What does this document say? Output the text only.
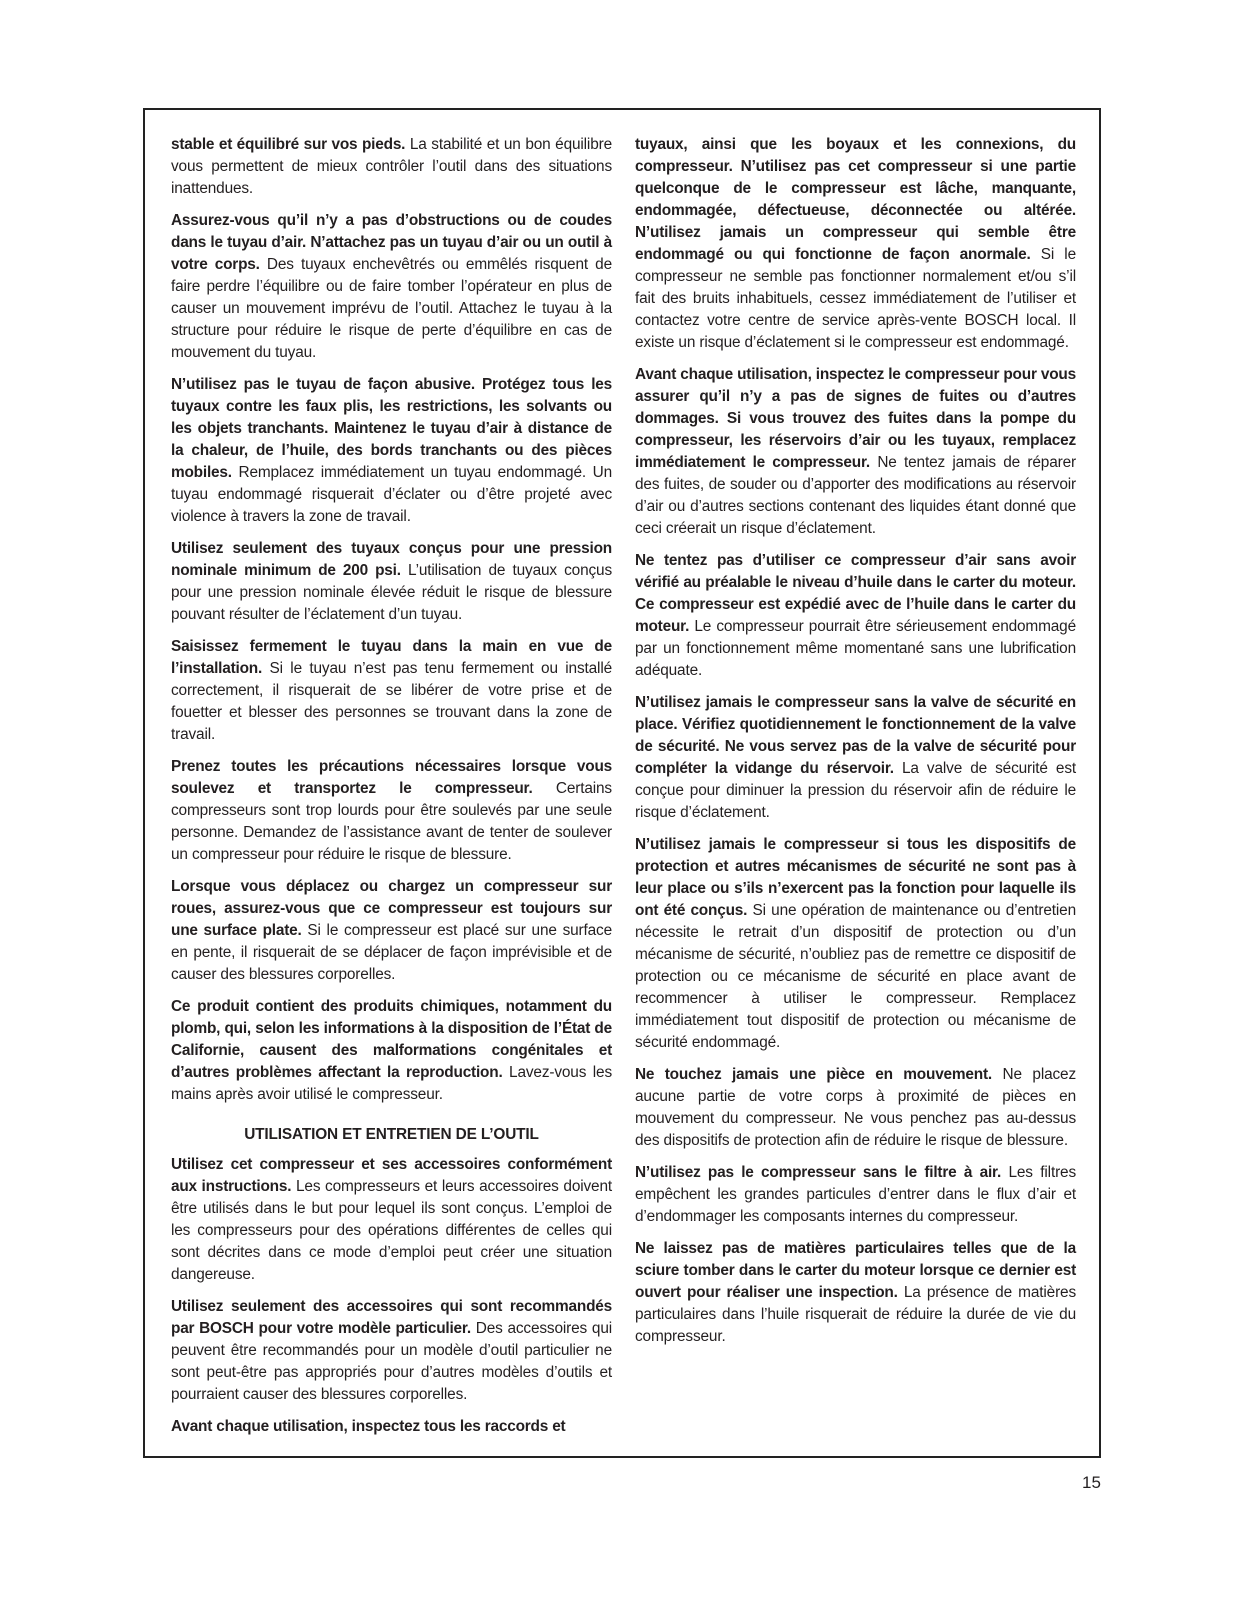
stable et équilibré sur vos pieds. La stabilité et un bon équilibre vous permettent de mieux contrôler l’outil dans des situations inattendues.

Assurez-vous qu’il n’y a pas d’obstructions ou de coudes dans le tuyau d’air. N’attachez pas un tuyau d’air ou un outil à votre corps. Des tuyaux enchevêtrés ou emmêlés risquent de faire perdre l’équilibre ou de faire tomber l’opérateur en plus de causer un mouvement imprévu de l’outil. Attachez le tuyau à la structure pour réduire le risque de perte d’équilibre en cas de mouvement du tuyau.

N’utilisez pas le tuyau de façon abusive. Protégez tous les tuyaux contre les faux plis, les restrictions, les solvants ou les objets tranchants. Maintenez le tuyau d’air à distance de la chaleur, de l’huile, des bords tranchants ou des pièces mobiles. Remplacez immédiatement un tuyau endommagé. Un tuyau endommagé risquerait d’éclater ou d’être projeté avec violence à travers la zone de travail.

Utilisez seulement des tuyaux conçus pour une pression nominale minimum de 200 psi. L’utilisation de tuyaux conçus pour une pression nominale élevée réduit le risque de blessure pouvant résulter de l’éclatement d’un tuyau.

Saisissez fermement le tuyau dans la main en vue de l’installation. Si le tuyau n’est pas tenu fermement ou installé correctement, il risquerait de se libérer de votre prise et de fouetter et blesser des personnes se trouvant dans la zone de travail.

Prenez toutes les précautions nécessaires lorsque vous soulevez et transportez le compresseur. Certains compresseurs sont trop lourds pour être soulevés par une seule personne. Demandez de l’assistance avant de tenter de soulever un compresseur pour réduire le risque de blessure.

Lorsque vous déplacez ou chargez un compresseur sur roues, assurez-vous que ce compresseur est toujours sur une surface plate. Si le compresseur est placé sur une surface en pente, il risquerait de se déplacer de façon imprévisible et de causer des blessures corporelles.

Ce produit contient des produits chimiques, notamment du plomb, qui, selon les informations à la disposition de l’État de Californie, causent des malformations congénitales et d’autres problèmes affectant la reproduction. Lavez-vous les mains après avoir utilisé le compresseur.

UTILISATION ET ENTRETIEN DE L’OUTIL

Utilisez cet compresseur et ses accessoires conformément aux instructions. Les compresseurs et leurs accessoires doivent être utilisés dans le but pour lequel ils sont conçus. L’emploi de les compresseurs pour des opérations différentes de celles qui sont décrites dans ce mode d’emploi peut créer une situation dangereuse.

Utilisez seulement des accessoires qui sont recommandés par BOSCH pour votre modèle particulier. Des accessoires qui peuvent être recommandés pour un modèle d’outil particulier ne sont peut-être pas appropriés pour d’autres modèles d’outils et pourraient causer des blessures corporelles.

Avant chaque utilisation, inspectez tous les raccords et

tuyaux, ainsi que les boyaux et les connexions, du compresseur. N’utilisez pas cet compresseur si une partie quelconque de le compresseur est lâche, manquante, endommagée, défectueuse, déconnectée ou altérée. N’utilisez jamais un compresseur qui semble être endommagé ou qui fonctionne de façon anormale. Si le compresseur ne semble pas fonctionner normalement et/ou s’il fait des bruits inhabituels, cessez immédiatement de l’utiliser et contactez votre centre de service après-vente BOSCH local. Il existe un risque d’éclatement si le compresseur est endommagé.

Avant chaque utilisation, inspectez le compresseur pour vous assurer qu’il n’y a pas de signes de fuites ou d’autres dommages. Si vous trouvez des fuites dans la pompe du compresseur, les réservoirs d’air ou les tuyaux, remplacez immédiatement le compresseur. Ne tentez jamais de réparer des fuites, de souder ou d’apporter des modifications au réservoir d’air ou d’autres sections contenant des liquides étant donné que ceci créerait un risque d’éclatement.

Ne tentez pas d’utiliser ce compresseur d’air sans avoir vérifié au préalable le niveau d’huile dans le carter du moteur. Ce compresseur est expédié avec de l’huile dans le carter du moteur. Le compresseur pourrait être sérieusement endommagé par un fonctionnement même momentané sans une lubrification adéquate.

N’utilisez jamais le compresseur sans la valve de sécurité en place. Vérifiez quotidiennement le fonctionnement de la valve de sécurité. Ne vous servez pas de la valve de sécurité pour compléter la vidange du réservoir. La valve de sécurité est conçue pour diminuer la pression du réservoir afin de réduire le risque d’éclatement.

N’utilisez jamais le compresseur si tous les dispositifs de protection et autres mécanismes de sécurité ne sont pas à leur place ou s’ils n’exercent pas la fonction pour laquelle ils ont été conçus. Si une opération de maintenance ou d’entretien nécessite le retrait d’un dispositif de protection ou d’un mécanisme de sécurité, n’oubliez pas de remettre ce dispositif de protection ou ce mécanisme de sécurité en place avant de recommencer à utiliser le compresseur. Remplacez immédiatement tout dispositif de protection ou mécanisme de sécurité endommagé.

Ne touchez jamais une pièce en mouvement. Ne placez aucune partie de votre corps à proximité de pièces en mouvement du compresseur. Ne vous penchez pas au-dessus des dispositifs de protection afin de réduire le risque de blessure.

N’utilisez pas le compresseur sans le filtre à air. Les filtres empêchent les grandes particules d’entrer dans le flux d’air et d’endommager les composants internes du compresseur.

Ne laissez pas de matières particulaires telles que de la sciure tomber dans le carter du moteur lorsque ce dernier est ouvert pour réaliser une inspection. La présence de matières particulaires dans l’huile risquerait de réduire la durée de vie du compresseur.

15
